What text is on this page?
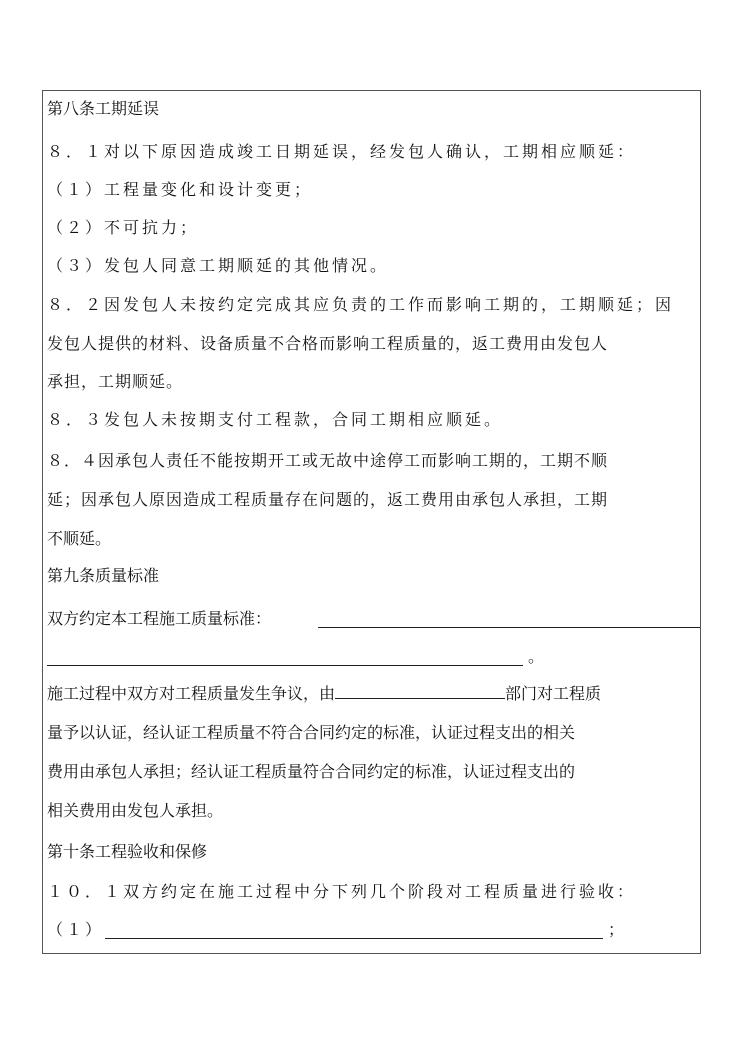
第八条工期延误
８．１对以下原因造成竣工日期延误，经发包人确认，工期相应顺延：
（１）工程量变化和设计变更；
（２）不可抗力；
（３）发包人同意工期顺延的其他情况。
８．２因发包人未按约定完成其应负责的工作而影响工期的，工期顺延；因
发包人提供的材料、设备质量不合格而影响工程质量的，返工费用由发包人
承担，工期顺延。
８．３发包人未按期支付工程款，合同工期相应顺延。
８．４因承包人责任不能按期开工或无故中途停工而影响工期的，工期不顺
延；因承包人原因造成工程质量存在问题的，返工费用由承包人承担，工期
不顺延。
第九条质量标准
双方约定本工程施工质量标准：
。
施工过程中双方对工程质量发生争议，由	部门对工程质
量予以认证，经认证工程质量不符合合同约定的标准，认证过程支出的相关
费用由承包人承担；经认证工程质量符合合同约定的标准，认证过程支出的
相关费用由发包人承担。
第十条工程验收和保修
１０．１双方约定在施工过程中分下列几个阶段对工程质量进行验收：
（１）	；
